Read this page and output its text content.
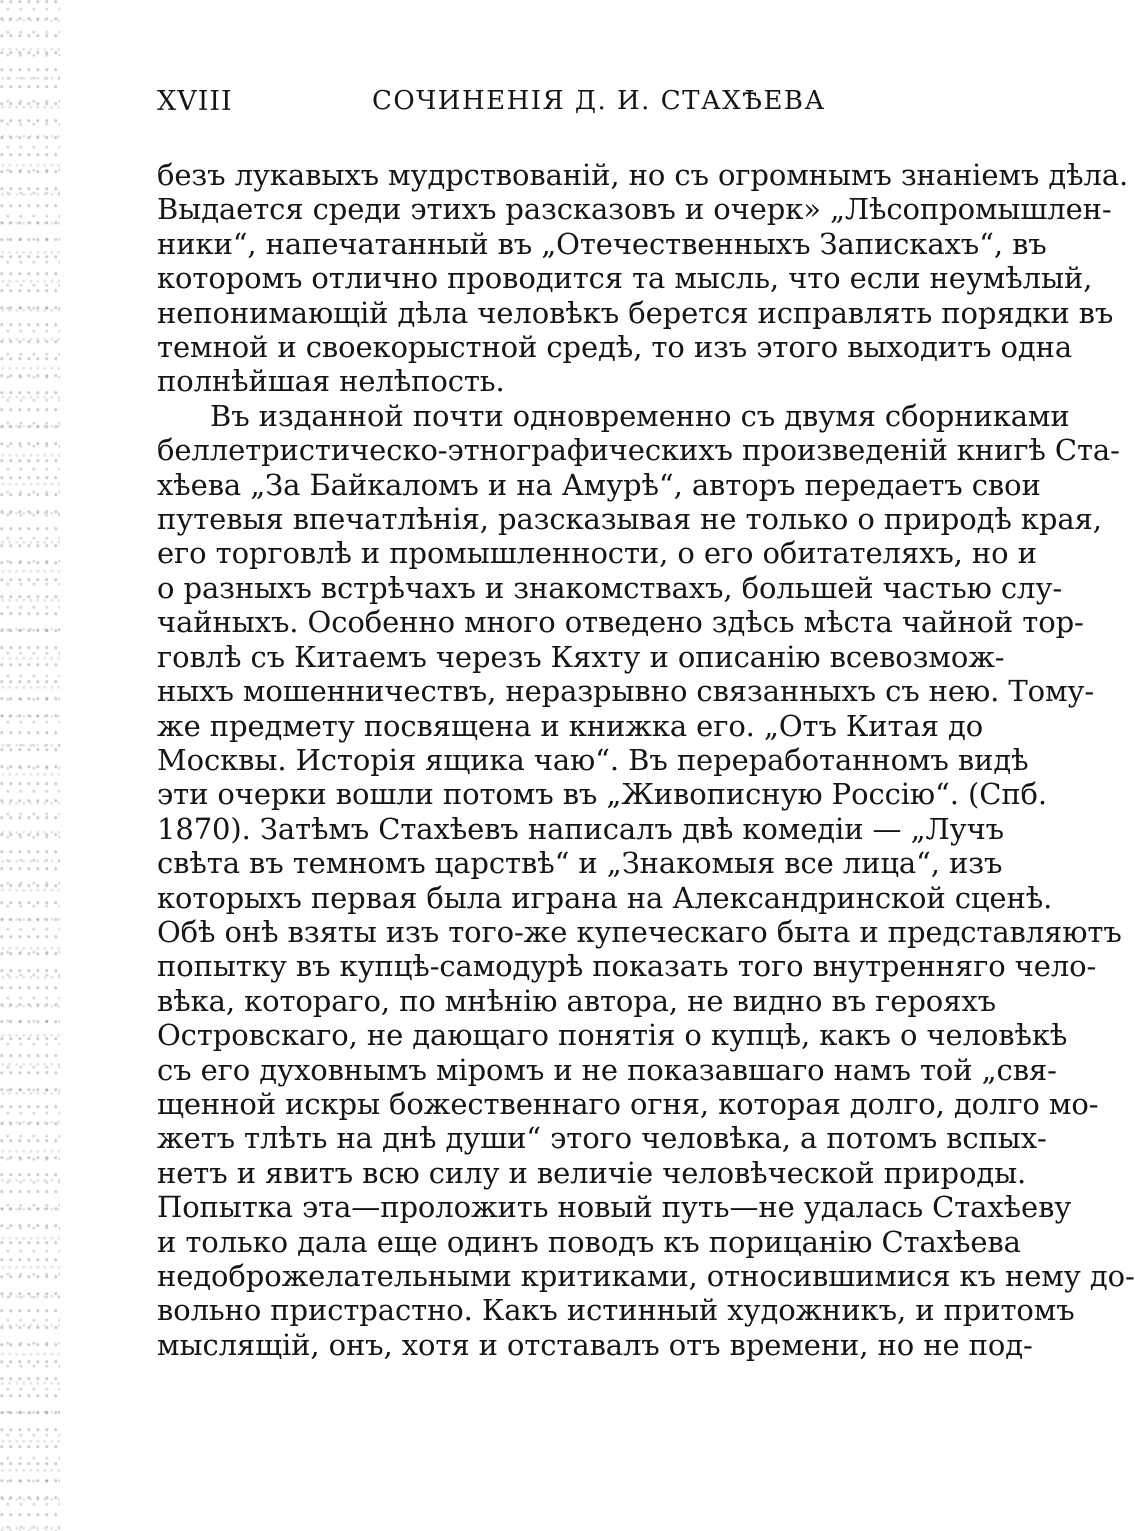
XVIII	СОЧИНЕНІЯ Д. И. СТАХѢЕВА
безъ лукавыхъ мудрствованій, но съ огромнымъ знаніемъ дѣла.
Выдается среди этихъ разсказовъ и очерк» „Лѣсопромышлен-
ники“, напечатанный въ „Отечественныхъ Запискахъ“, въ
которомъ отлично проводится та мысль, что если неумѣлый,
непонимающій дѣла человѣкъ берется исправлять порядки въ
темной и своекорыстной средѣ, то изъ этого выходитъ одна
полнѣйшая нелѣпость.
Въ изданной почти одновременно съ двумя сборниками
беллетристическо-этнографическихъ произведеній книгѣ Ста-
хѣева „За Байкаломъ и на Амурѣ“, авторъ передаетъ свои
путевыя впечатлѣнія, разсказывая не только о природѣ края,
его торговлѣ и промышленности, о его обитателяхъ, но и
о разныхъ встрѣчахъ и знакомствахъ, большей частью слу-
чайныхъ. Особенно много отведено здѣсь мѣста чайной тор-
говлѣ съ Китаемъ черезъ Кяхту и описанію всевозмож-
ныхъ мошенничествъ, неразрывно связанныхъ съ нею. Тому-
же предмету посвящена и книжка его. „Отъ Китая до
Москвы. Исторія ящика чаю“. Въ переработанномъ видѣ
эти очерки вошли потомъ въ „Живописную Россію“. (Спб.
1870). Затѣмъ Стахѣевъ написалъ двѣ комедіи — „Лучъ
свѣта въ темномъ царствѣ“ и „Знакомыя все лица“, изъ
которыхъ первая была играна на Александринской сценѣ.
Обѣ онѣ взяты изъ того-же купеческаго быта и представляютъ
попытку въ купцѣ-самодурѣ показать того внутренняго чело-
вѣка, котораго, по мнѣнію автора, не видно въ герояхъ
Островскаго, не дающаго понятія о купцѣ, какъ о человѣкѣ
съ его духовнымъ міромъ и не показавшаго намъ той „свя-
щенной искры божественнаго огня, которая долго, долго мо-
жетъ тлѣть на днѣ души“ этого человѣка, а потомъ вспых-
нетъ и явитъ всю силу и величіе человѣческой природы.
Попытка эта—проложить новый путь—не удалась Стахѣеву
и только дала еще одинъ поводъ къ порицанію Стахѣева
недоброжелательными критиками, относившимися къ нему до-
вольно пристрастно. Какъ истинный художникъ, и притомъ
мыслящій, онъ, хотя и отставалъ отъ времени, но не под-
